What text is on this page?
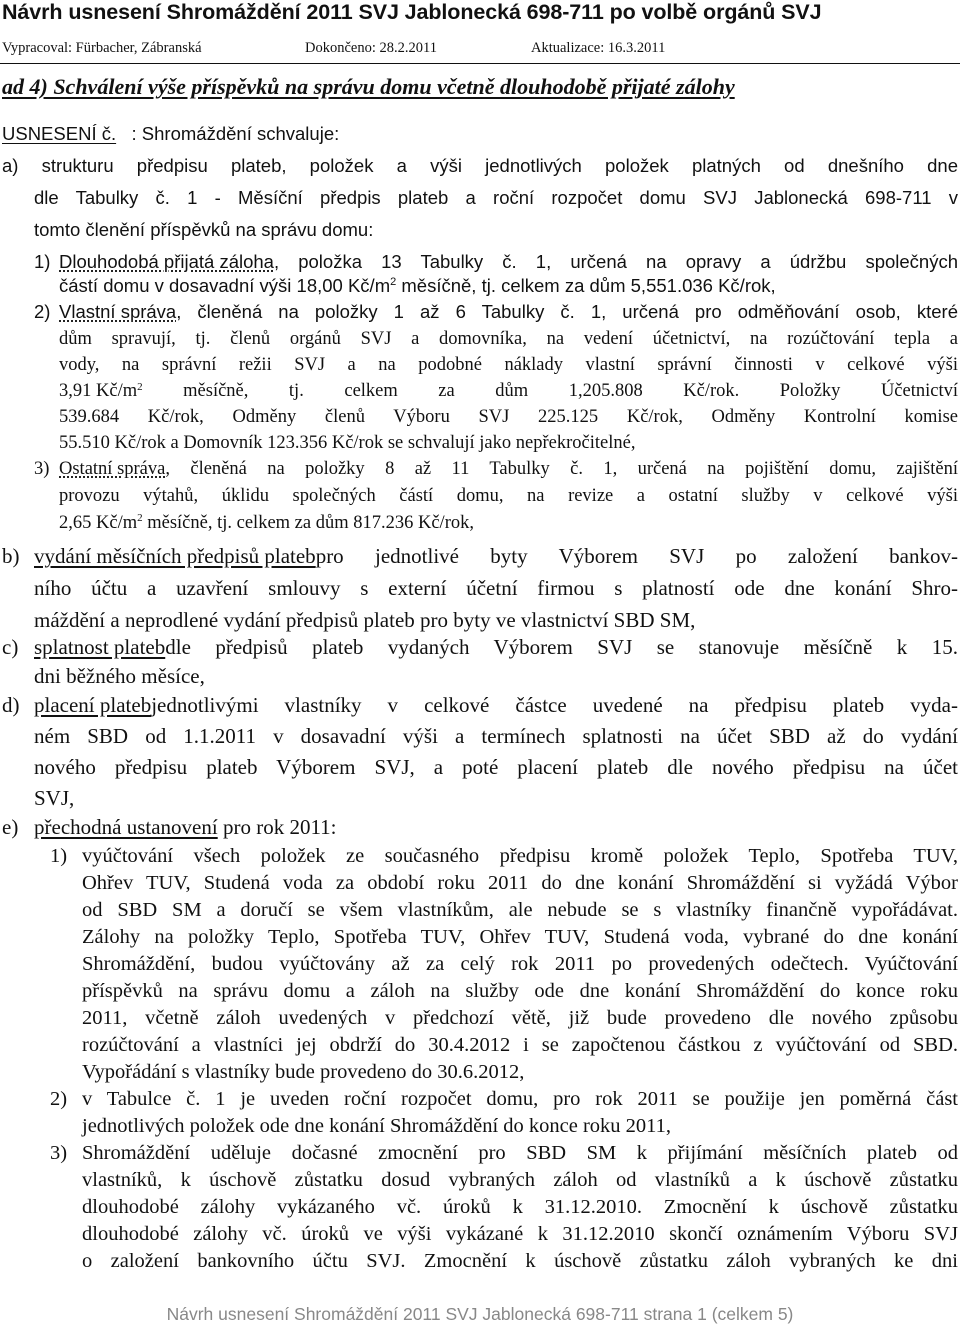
Návrh usnesení Shromáždění 2011 SVJ Jablonecká 698-711 po volbě orgánů SVJ
Vypracoval: Fürbacher, Zábranská	Dokončeno: 28.2.2011	Aktualizace: 16.3.2011
ad 4) Schválení výše příspěvků na správu domu včetně dlouhodobě přijaté zálohy
USNESENÍ č.   : Shromáždění schvaluje:
a) strukturu předpisu plateb, položek a výši jednotlivých položek platných od dnešního dne
dle Tabulky č. 1 - Měsíční předpis plateb a roční rozpočet domu SVJ Jablonecká 698-711 v
tomto členění příspěvků na správu domu:
1) Dlouhodobá přijatá záloha , položka 13 Tabulky č. 1, určená na opravy a údržbu společných
částí domu v dosavadní výši 18,00 $Kč/m^2$ měsíčně, tj. celkem za dům 5,551.036 Kč/rok,
2) Vlastní správa , členěná na položky 1 až 6 Tabulky č. 1, určená pro odměňování osob, které
dům spravují, tj. členů orgánů SVJ a domovníka, na vedení účetnictví, na rozúčtování tepla a
vody, na správní režii SVJ a na podobné náklady vlastní správní činnosti v celkové výši
3,91 Kč/m 2 měsíčně, tj. celkem za dům 1,205.808 Kč/rok. Položky Účetnictví
539.684 Kč/rok, Odměny členů Výboru SVJ 225.125 Kč/rok, Odměny Kontrolní komise
55.510 Kč/rok a Domovník 123.356 Kč/rok se schvalují jako nepřekročitelné,
3) Ostatní správa , členěná na položky 8 až 11 Tabulky č. 1, určená na pojištění domu, zajištění
provozu výtahů, úklidu společných částí domu, na revize a ostatní služby v celkové výši
2,65 $Kč/m^2$ měsíčně, tj. celkem za dům 817.236 Kč/rok,
b) vydání měsíčních předpisů plateb pro jednotlivé byty Výborem SVJ po založení bankov-
ního účtu a uzavření smlouvy s externí účetní firmou s platností ode dne konání Shro-
máždění a neprodlené vydání předpisů plateb pro byty ve vlastnictví SBD SM,
c) splatnost plateb dle předpisů plateb vydaných Výborem SVJ se stanovuje měsíčně k 15.
dni běžného měsíce,
d) placení plateb jednotlivými vlastníky v celkové částce uvedené na předpisu plateb vyda-
ném SBD od 1.1.2011 v dosavadní výši a termínech splatnosti na účet SBD až do vydání
nového předpisu plateb Výborem SVJ, a poté placení plateb dle nového předpisu na účet
SVJ,
e) přechodná ustanovení pro rok 2011:
1) vyúčtování všech položek ze současného předpisu kromě položek Teplo, Spotřeba TUV,
Ohřev TUV, Studená voda za období roku 2011 do dne konání Shromáždění si vyžádá Výbor
od SBD SM a doručí se všem vlastníkům, ale nebude se s vlastníky finančně vypořádávat.
Zálohy na položky Teplo, Spotřeba TUV, Ohřev TUV, Studená voda, vybrané do dne konání
Shromáždění, budou vyúčtovány až za celý rok 2011 po provedených odečtech. Vyúčtování
příspěvků na správu domu a záloh na služby ode dne konání Shromáždění do konce roku
2011, včetně záloh uvedených v předchozí větě, již bude provedeno dle nového způsobu
rozúčtování a vlastníci jej obdrží do 30.4.2012 i se započtenou částkou z vyúčtování od SBD.
Vypořádání s vlastníky bude provedeno do 30.6.2012,
2) v Tabulce č. 1 je uveden roční rozpočet domu, pro rok 2011 se použije jen poměrná část
jednotlivých položek ode dne konání Shromáždění do konce roku 2011,
3) Shromáždění uděluje dočasné zmocnění pro SBD SM k přijímání měsíčních plateb od
vlastníků, k úschově zůstatku dosud vybraných záloh od vlastníků a k úschově zůstatku
dlouhodobé zálohy vykázaného vč. úroků k 31.12.2010. Zmocnění k úschově zůstatku
dlouhodobé zálohy vč. úroků ve výši vykázané k 31.12.2010 skončí oznámením Výboru SVJ
o založení bankovního účtu SVJ. Zmocnění k úschově zůstatku záloh vybraných ke dni
Návrh usnesení Shromáždění 2011 SVJ Jablonecká 698-711 strana 1 (celkem 5)
